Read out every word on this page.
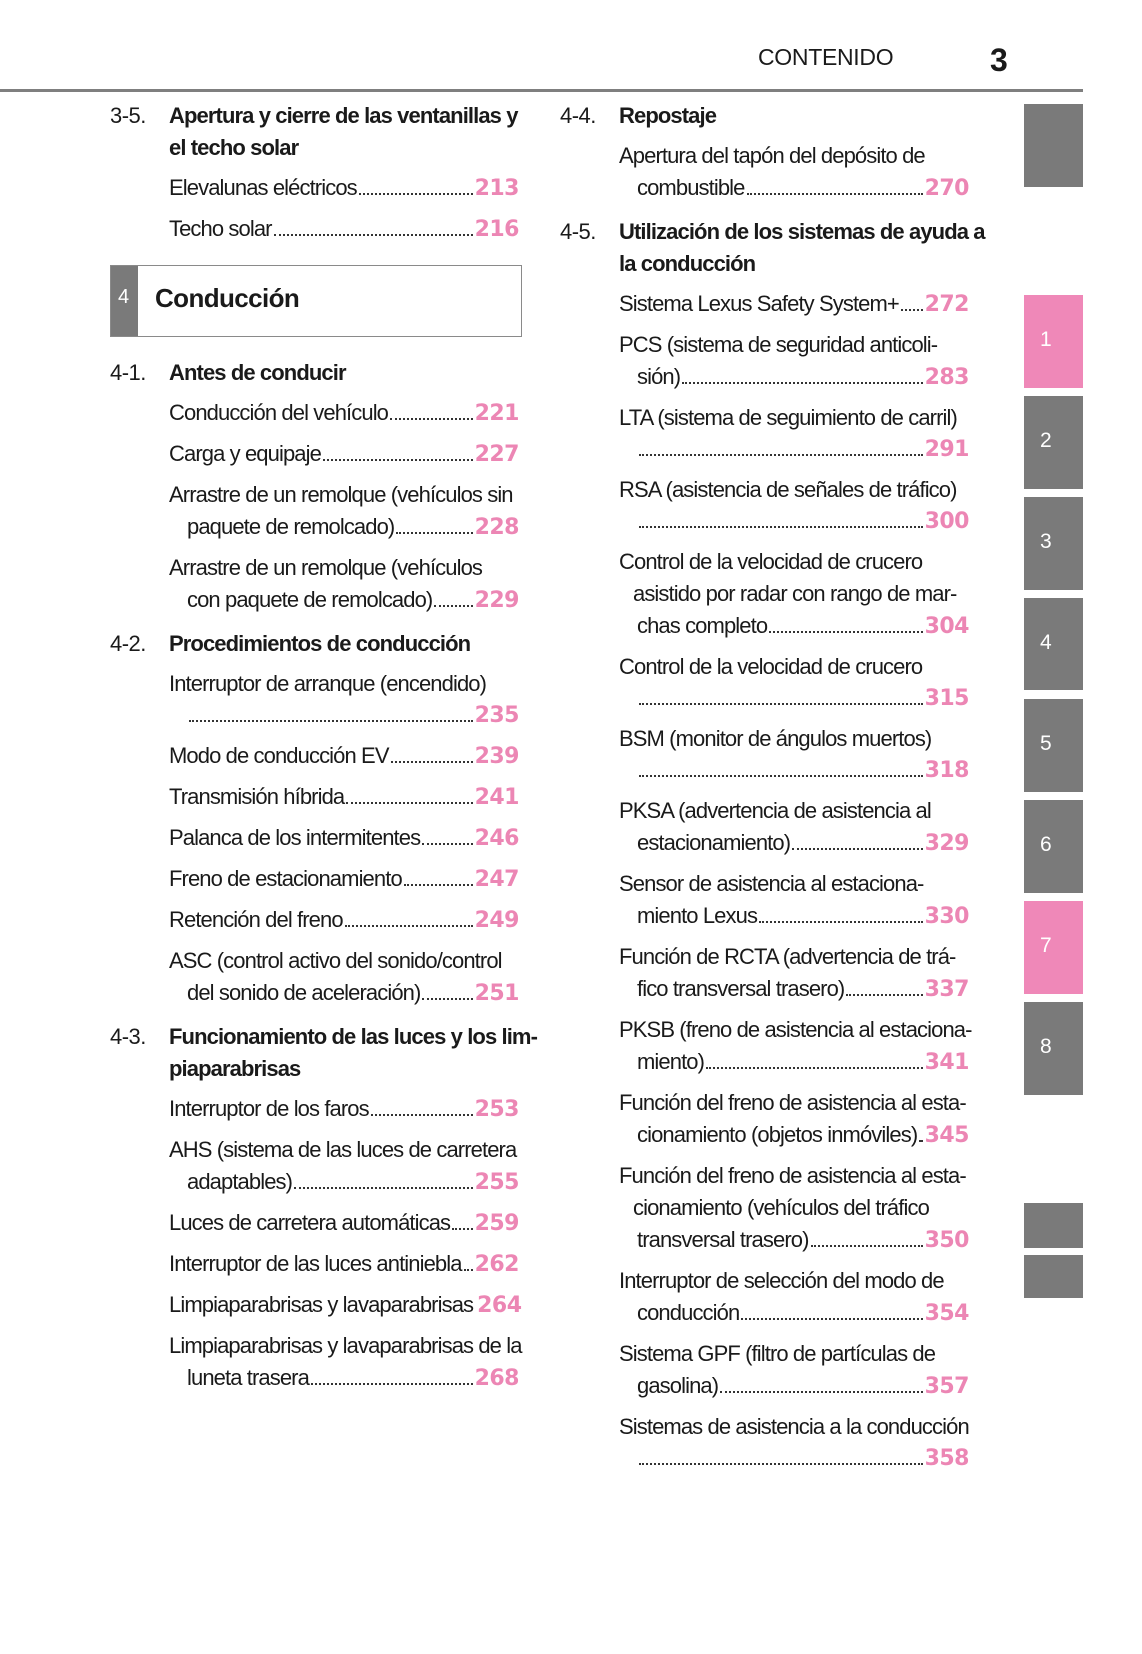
CONTENIDO	3
1
2
3
4
5
6
7
8
3-5. Apertura y cierre de las ventanillas y
el techo solar
Elevalunas eléctricos	213
Techo solar	216
4 Conducción
4-1. Antes de conducir
Conducción del vehículo	221
Carga y equipaje	227
Arrastre de un remolque (vehículos sin
paquete de remolcado)	228
Arrastre de un remolque (vehículos
con paquete de remolcado) 229
4-2. Procedimientos de conducción
Interruptor de arranque (encendido)
235
Modo de conducción EV	239
Transmisión híbrida	241
Palanca de los intermitentes 246
Freno de estacionamiento	247
Retención del freno	249
ASC (control activo del sonido/control
del sonido de aceleración) 251
4-3. Funcionamiento de las luces y los lim-
piaparabrisas
Interruptor de los faros	253
AHS (sistema de las luces de carretera
adaptables)	255
Luces de carretera automáticas 259
Interruptor de las luces antiniebla 262
Limpiaparabrisas y lavaparabrisas 264
Limpiaparabrisas y lavaparabrisas de la
luneta trasera	268
4-4. Repostaje
Apertura del tapón del depósito de
combustible	270
4-5. Utilización de los sistemas de ayuda a
la conducción
Sistema Lexus Safety System+ 272
PCS (sistema de seguridad anticoli-
sión)	283
LTA (sistema de seguimiento de carril)
291
RSA (asistencia de señales de tráfico)
300
Control de la velocidad de crucero
asistido por radar con rango de mar-
chas completo	304
Control de la velocidad de crucero
315
BSM (monitor de ángulos muertos)
318
PKSA (advertencia de asistencia al
estacionamiento)	329
Sensor de asistencia al estaciona-
miento Lexus	330
Función de RCTA (advertencia de trá-
fico transversal trasero)	337
PKSB (freno de asistencia al estaciona-
miento)	341
Función del freno de asistencia al esta-
cionamiento (objetos inmóviles) 345
Función del freno de asistencia al esta-
cionamiento (vehículos del tráfico
transversal trasero)	350
Interruptor de selección del modo de
conducción	354
Sistema GPF (filtro de partículas de
gasolina)	357
Sistemas de asistencia a la conducción
358
